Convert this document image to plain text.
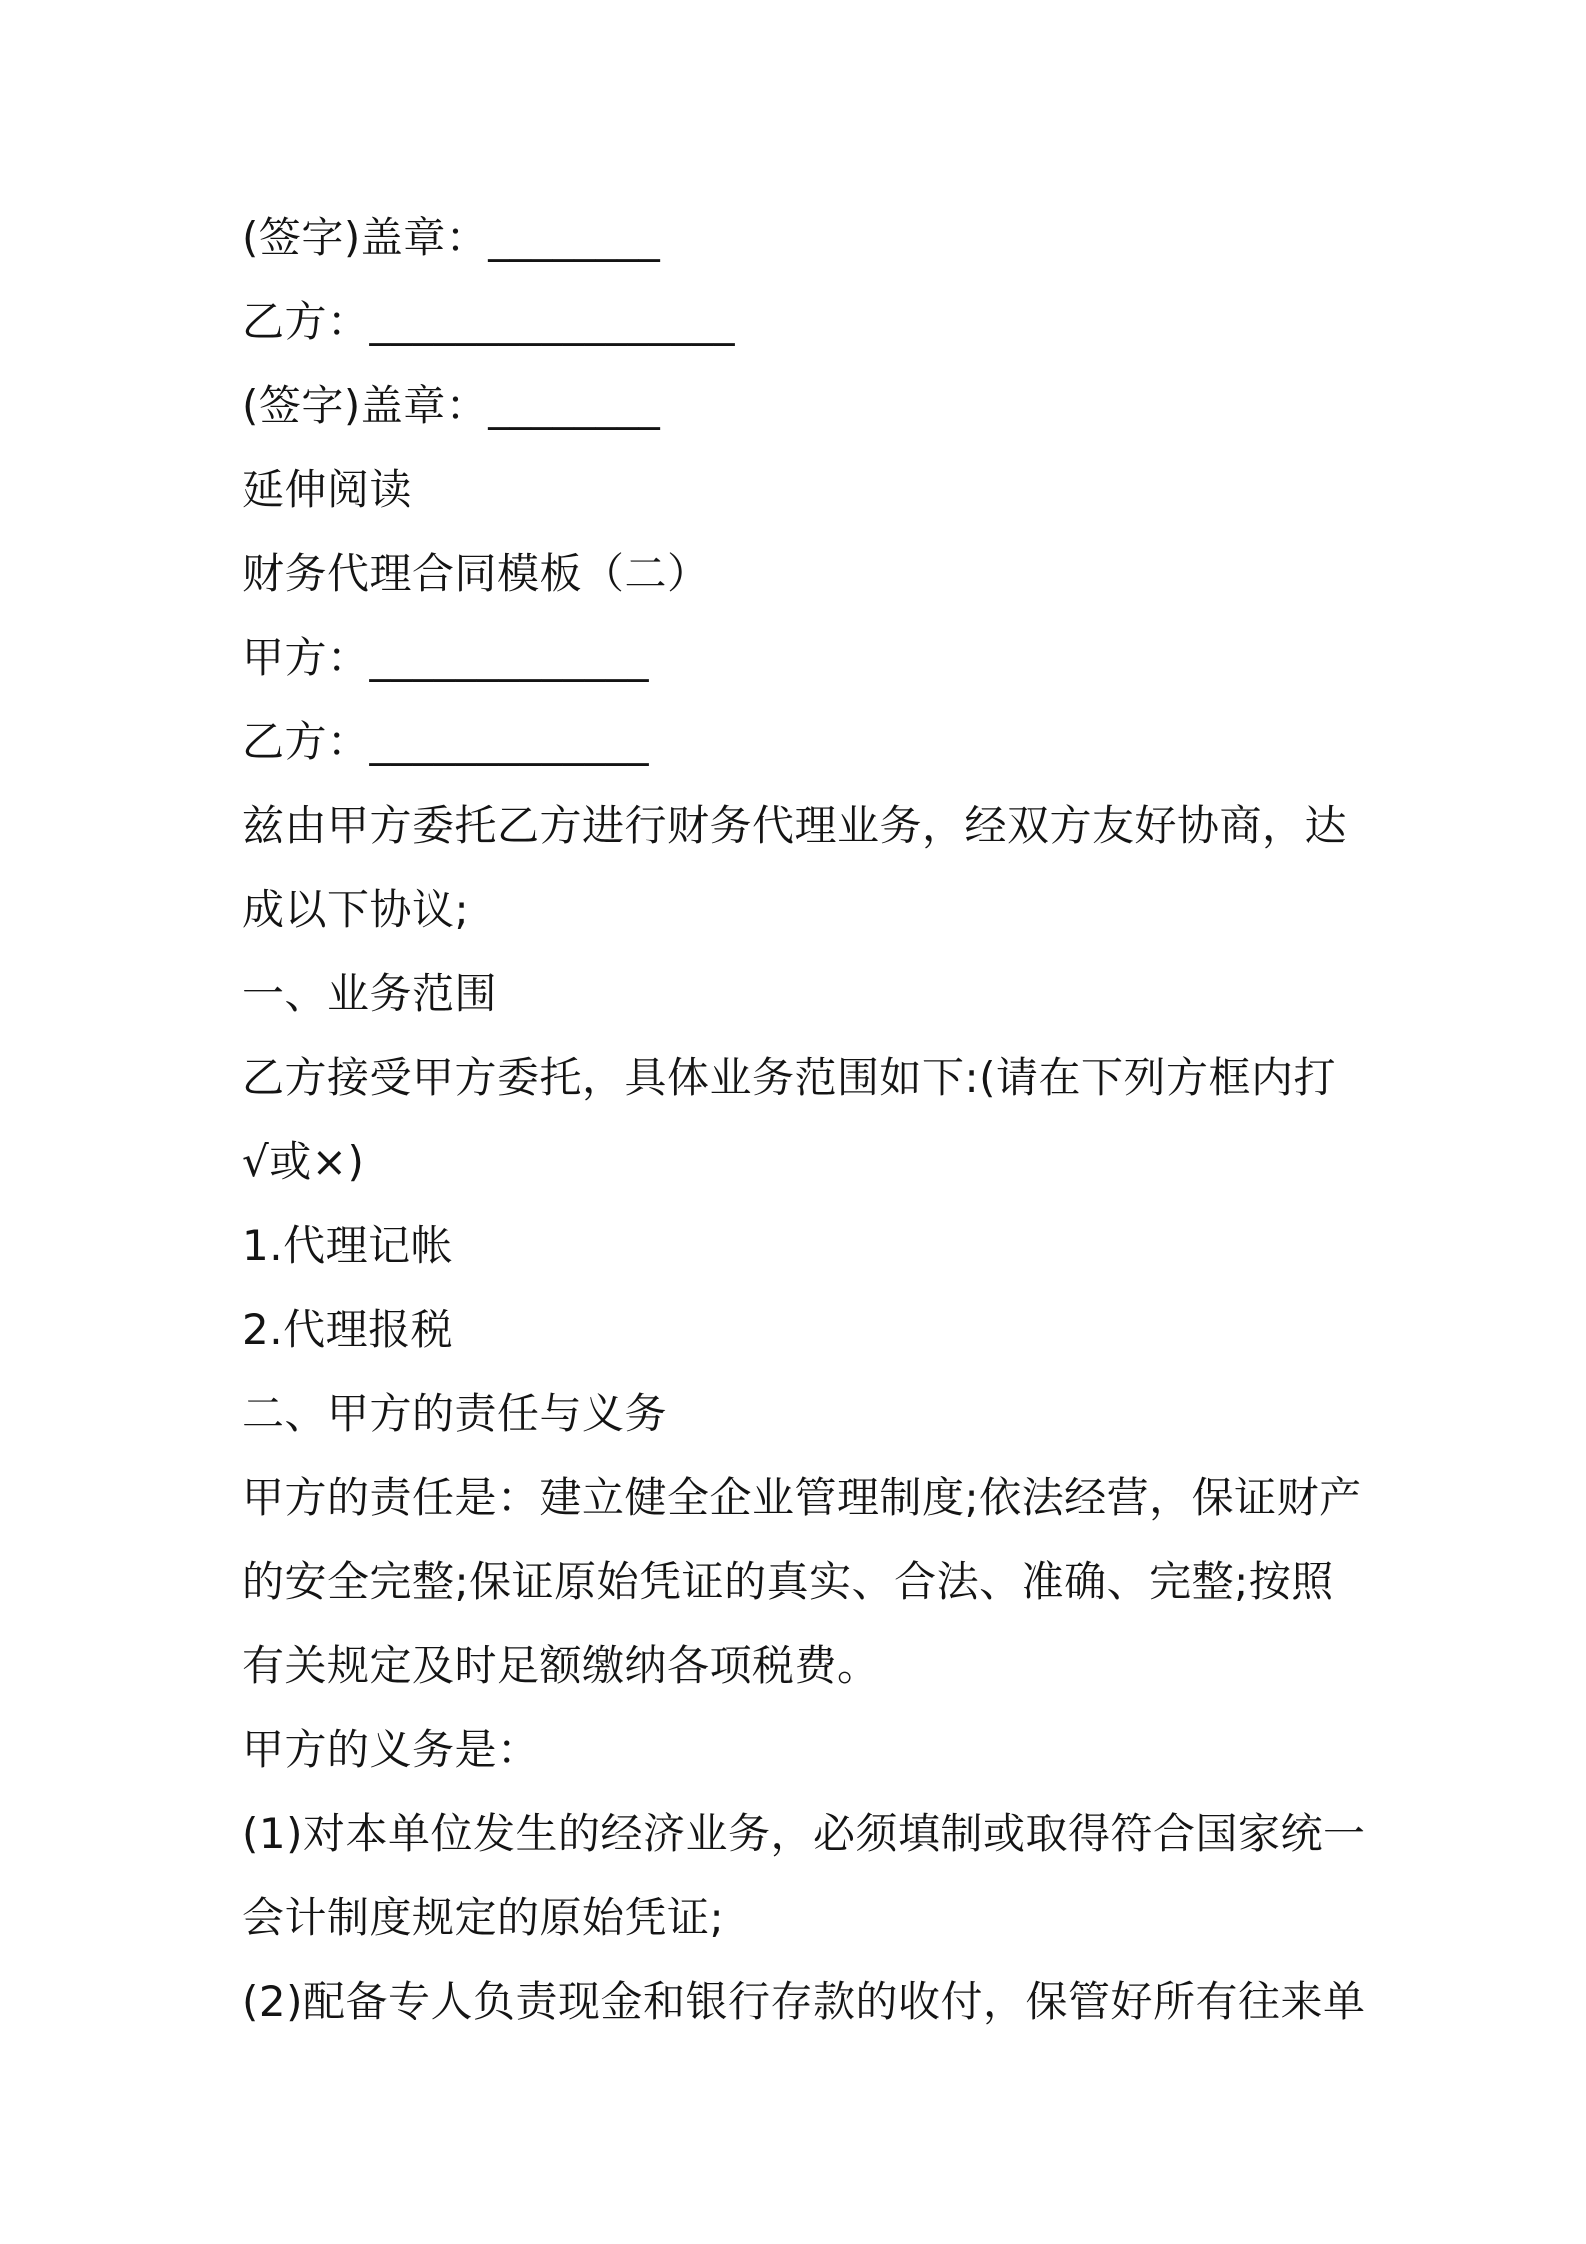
(签字)盖章：________
乙方：_________________
(签字)盖章：________
延伸阅读
财务代理合同模板（二）
甲方：_____________
乙方：_____________
兹由甲方委托乙方进行财务代理业务，经双方友好协商，达
成以下协议;
一、业务范围
乙方接受甲方委托，具体业务范围如下:(请在下列方框内打
√或×)
1.代理记帐
2.代理报税
二、甲方的责任与义务
甲方的责任是：建立健全企业管理制度;依法经营，保证财产
的安全完整;保证原始凭证的真实、合法、准确、完整;按照
有关规定及时足额缴纳各项税费。
甲方的义务是：
(1)对本单位发生的经济业务，必须填制或取得符合国家统一
会计制度规定的原始凭证;
(2)配备专人负责现金和银行存款的收付，保管好所有往来单
